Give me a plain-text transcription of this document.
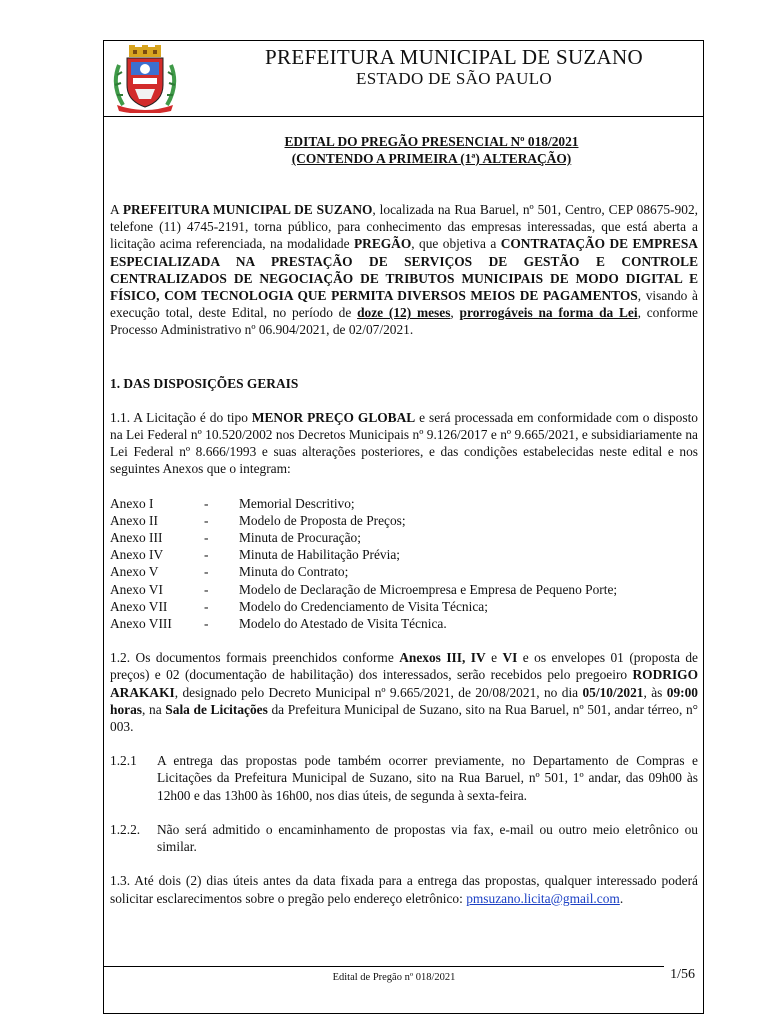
PREFEITURA MUNICIPAL DE SUZANO
ESTADO DE SÃO PAULO
EDITAL DO PREGÃO PRESENCIAL Nº 018/2021
(CONTENDO A PRIMEIRA (1ª) ALTERAÇÃO)

A PREFEITURA MUNICIPAL DE SUZANO, localizada na Rua Baruel, nº 501, Centro, CEP 08675-902, telefone (11) 4745-2191, torna público, para conhecimento das empresas interessadas, que está aberta a licitação acima referenciada, na modalidade PREGÃO, que objetiva a CONTRATAÇÃO DE EMPRESA ESPECIALIZADA NA PRESTAÇÃO DE SERVIÇOS DE GESTÃO E CONTROLE CENTRALIZADOS DE NEGOCIAÇÃO DE TRIBUTOS MUNICIPAIS DE MODO DIGITAL E FÍSICO, COM TECNOLOGIA QUE PERMITA DIVERSOS MEIOS DE PAGAMENTOS, visando à execução total, deste Edital, no período de doze (12) meses, prorrogáveis na forma da Lei, conforme Processo Administrativo nº 06.904/2021, de 02/07/2021.

1. DAS DISPOSIÇÕES GERAIS

1.1. A Licitação é do tipo MENOR PREÇO GLOBAL e será processada em conformidade com o disposto na Lei Federal nº 10.520/2002 nos Decretos Municipais nº 9.126/2017 e nº 9.665/2021, e subsidiariamente na Lei Federal nº 8.666/1993 e suas alterações posteriores, e das condições estabelecidas neste edital e nos seguintes Anexos que o integram:

Anexo I	-	Memorial Descritivo;
Anexo II	-	Modelo de Proposta de Preços;
Anexo III	-	Minuta de Procuração;
Anexo IV	-	Minuta de Habilitação Prévia;
Anexo V	-	Minuta do Contrato;
Anexo VI	-	Modelo de Declaração de Microempresa e Empresa de Pequeno Porte;
Anexo VII	-	Modelo do Credenciamento de Visita Técnica;
Anexo VIII	-	Modelo do Atestado de Visita Técnica.

1.2. Os documentos formais preenchidos conforme Anexos III, IV e VI e os envelopes 01 (proposta de preços) e 02 (documentação de habilitação) dos interessados, serão recebidos pelo pregoeiro RODRIGO ARAKAKI, designado pelo Decreto Municipal nº 9.665/2021, de 20/08/2021, no dia 05/10/2021, às 09:00 horas, na Sala de Licitações da Prefeitura Municipal de Suzano, sito na Rua Baruel, nº 501, andar térreo, n° 003.

1.2.1	A entrega das propostas pode também ocorrer previamente, no Departamento de Compras e Licitações da Prefeitura Municipal de Suzano, sito na Rua Baruel, nº 501, 1º andar, das 09h00 às 12h00 e das 13h00 às 16h00, nos dias úteis, de segunda à sexta-feira.

1.2.2.	Não será admitido o encaminhamento de propostas via fax, e-mail ou outro meio eletrônico ou similar.

1.3. Até dois (2) dias úteis antes da data fixada para a entrega das propostas, qualquer interessado poderá solicitar esclarecimentos sobre o pregão pelo endereço eletrônico: pmsuzano.licita@gmail.com.

Edital de Pregão nº 018/2021	1/56
